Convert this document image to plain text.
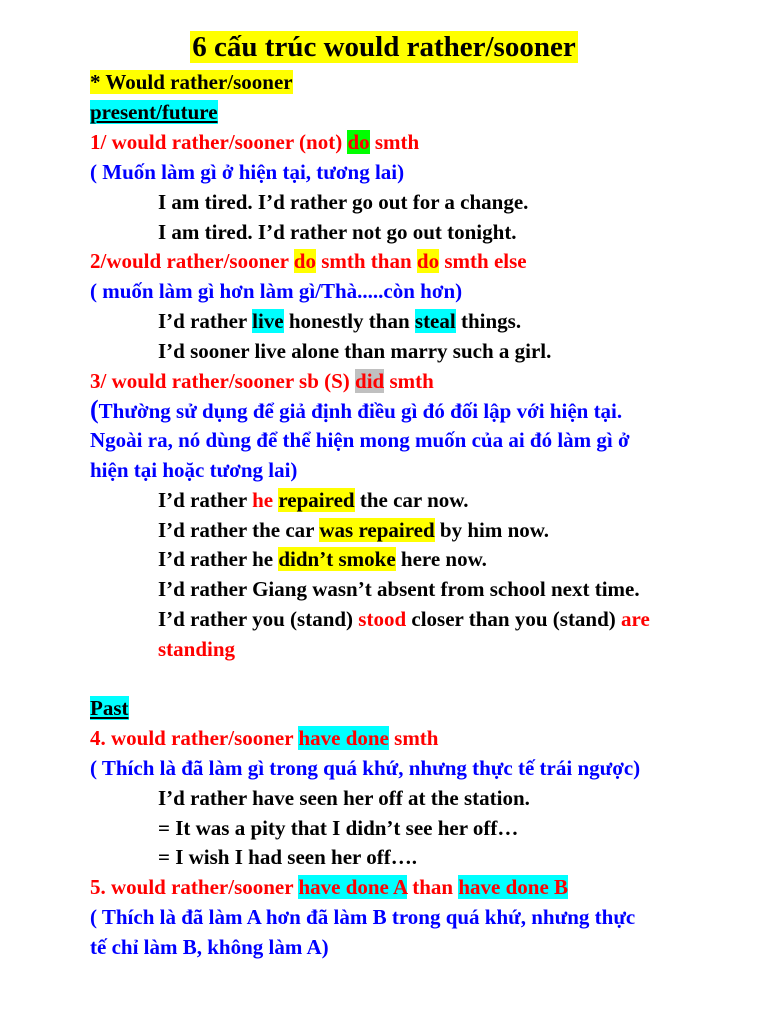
6 cấu trúc would rather/sooner
* Would rather/sooner
present/future
1/ would rather/sooner (not) do smth
( Muốn làm gì ở hiện tại, tương lai)
I am tired. I’d rather go out for a change.
I am tired. I’d rather not go out tonight.
2/would rather/sooner do smth than do smth else
( muốn làm gì hơn làm gì/Thà.....còn hơn)
I’d rather live honestly than steal things.
I’d sooner live alone than marry such a girl.
3/ would rather/sooner sb (S) did smth
(Thường sử dụng để giả định điều gì đó đối lập với hiện tại.
Ngoài ra, nó dùng để thể hiện mong muốn của ai đó làm gì ở
hiện tại hoặc tương lai)
I’d rather he repaired the car now.
I’d rather the car was repaired by him now.
I’d rather he didn’t smoke here now.
I’d rather Giang wasn’t absent from school next time.
I’d rather you (stand) stood closer than you (stand) are
standing
Past
4. would rather/sooner have done smth
( Thích là đã làm gì trong quá khứ, nhưng thực tế trái ngược)
I’d rather have seen her off at the station.
= It was a pity that I didn’t see her off…
= I wish I had seen her off….
5. would rather/sooner have done A than have done B
( Thích là đã làm A hơn đã làm B trong quá khứ, nhưng thực
tế chỉ làm B, không làm A)
